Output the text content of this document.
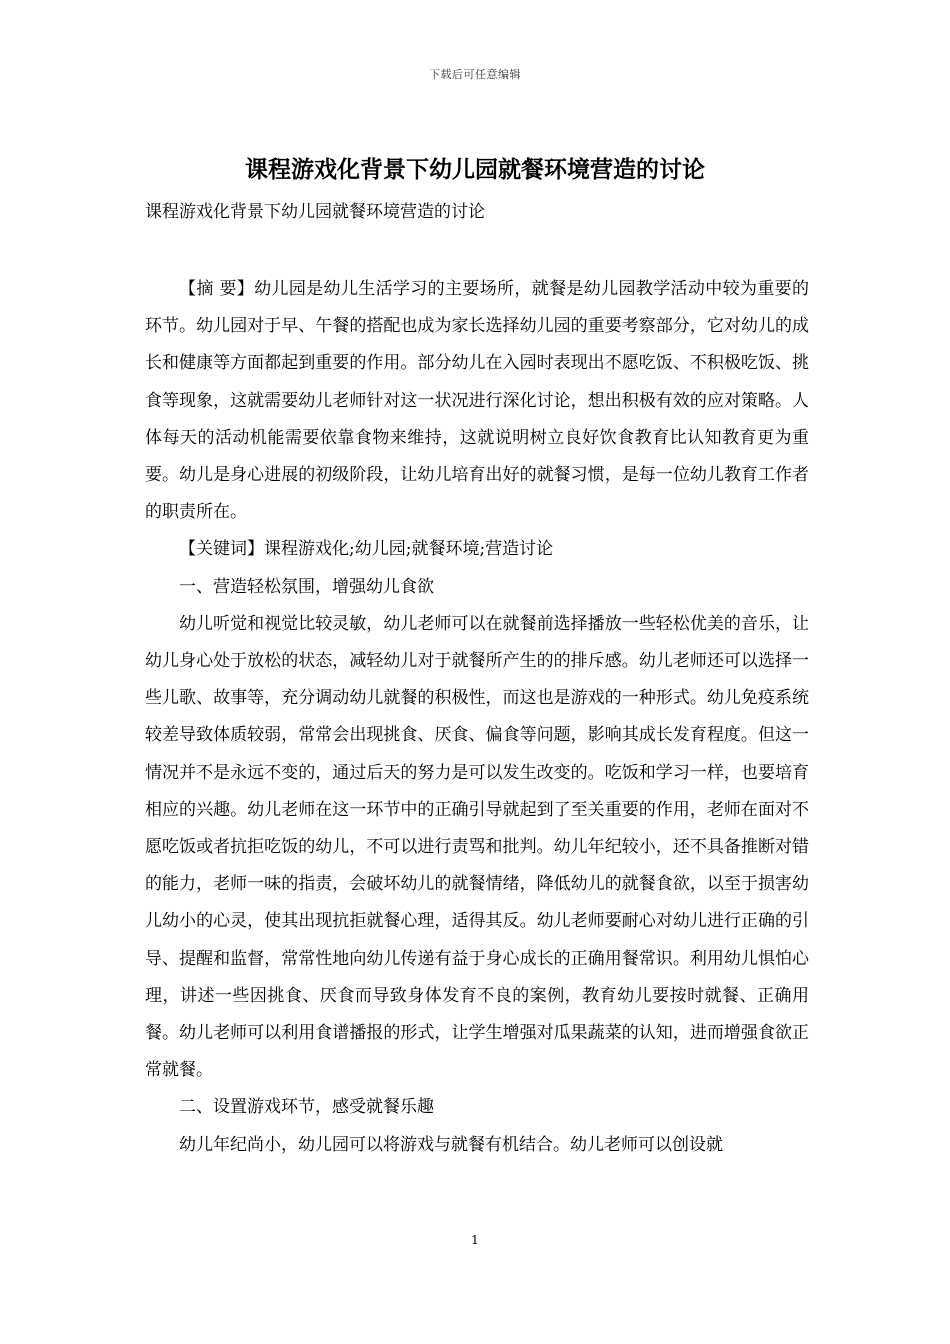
下载后可任意编辑
课程游戏化背景下幼儿园就餐环境营造的讨论
课程游戏化背景下幼儿园就餐环境营造的讨论

【摘 要】幼儿园是幼儿生活学习的主要场所，就餐是幼儿园教学活动中较为重要的环节。幼儿园对于早、午餐的搭配也成为家长选择幼儿园的重要考察部分，它对幼儿的成长和健康等方面都起到重要的作用。部分幼儿在入园时表现出不愿吃饭、不积极吃饭、挑食等现象，这就需要幼儿老师针对这一状况进行深化讨论，想出积极有效的应对策略。人体每天的活动机能需要依靠食物来维持，这就说明树立良好饮食教育比认知教育更为重要。幼儿是身心进展的初级阶段，让幼儿培育出好的就餐习惯，是每一位幼儿教育工作者的职责所在。

【关键词】课程游戏化;幼儿园;就餐环境;营造讨论

一、营造轻松氛围，增强幼儿食欲

幼儿听觉和视觉比较灵敏，幼儿老师可以在就餐前选择播放一些轻松优美的音乐，让幼儿身心处于放松的状态，减轻幼儿对于就餐所产生的的排斥感。幼儿老师还可以选择一些儿歌、故事等，充分调动幼儿就餐的积极性，而这也是游戏的一种形式。幼儿免疫系统较差导致体质较弱，常常会出现挑食、厌食、偏食等问题，影响其成长发育程度。但这一情况并不是永远不变的，通过后天的努力是可以发生改变的。吃饭和学习一样，也要培育相应的兴趣。幼儿老师在这一环节中的正确引导就起到了至关重要的作用，老师在面对不愿吃饭或者抗拒吃饭的幼儿，不可以进行责骂和批判。幼儿年纪较小，还不具备推断对错的能力，老师一味的指责，会破坏幼儿的就餐情绪，降低幼儿的就餐食欲，以至于损害幼儿幼小的心灵，使其出现抗拒就餐心理，适得其反。幼儿老师要耐心对幼儿进行正确的引导、提醒和监督，常常性地向幼儿传递有益于身心成长的正确用餐常识。利用幼儿惧怕心理，讲述一些因挑食、厌食而导致身体发育不良的案例，教育幼儿要按时就餐、正确用餐。幼儿老师可以利用食谱播报的形式，让学生增强对瓜果蔬菜的认知，进而增强食欲正常就餐。

二、设置游戏环节，感受就餐乐趣

幼儿年纪尚小，幼儿园可以将游戏与就餐有机结合。幼儿老师可以创设就

1
